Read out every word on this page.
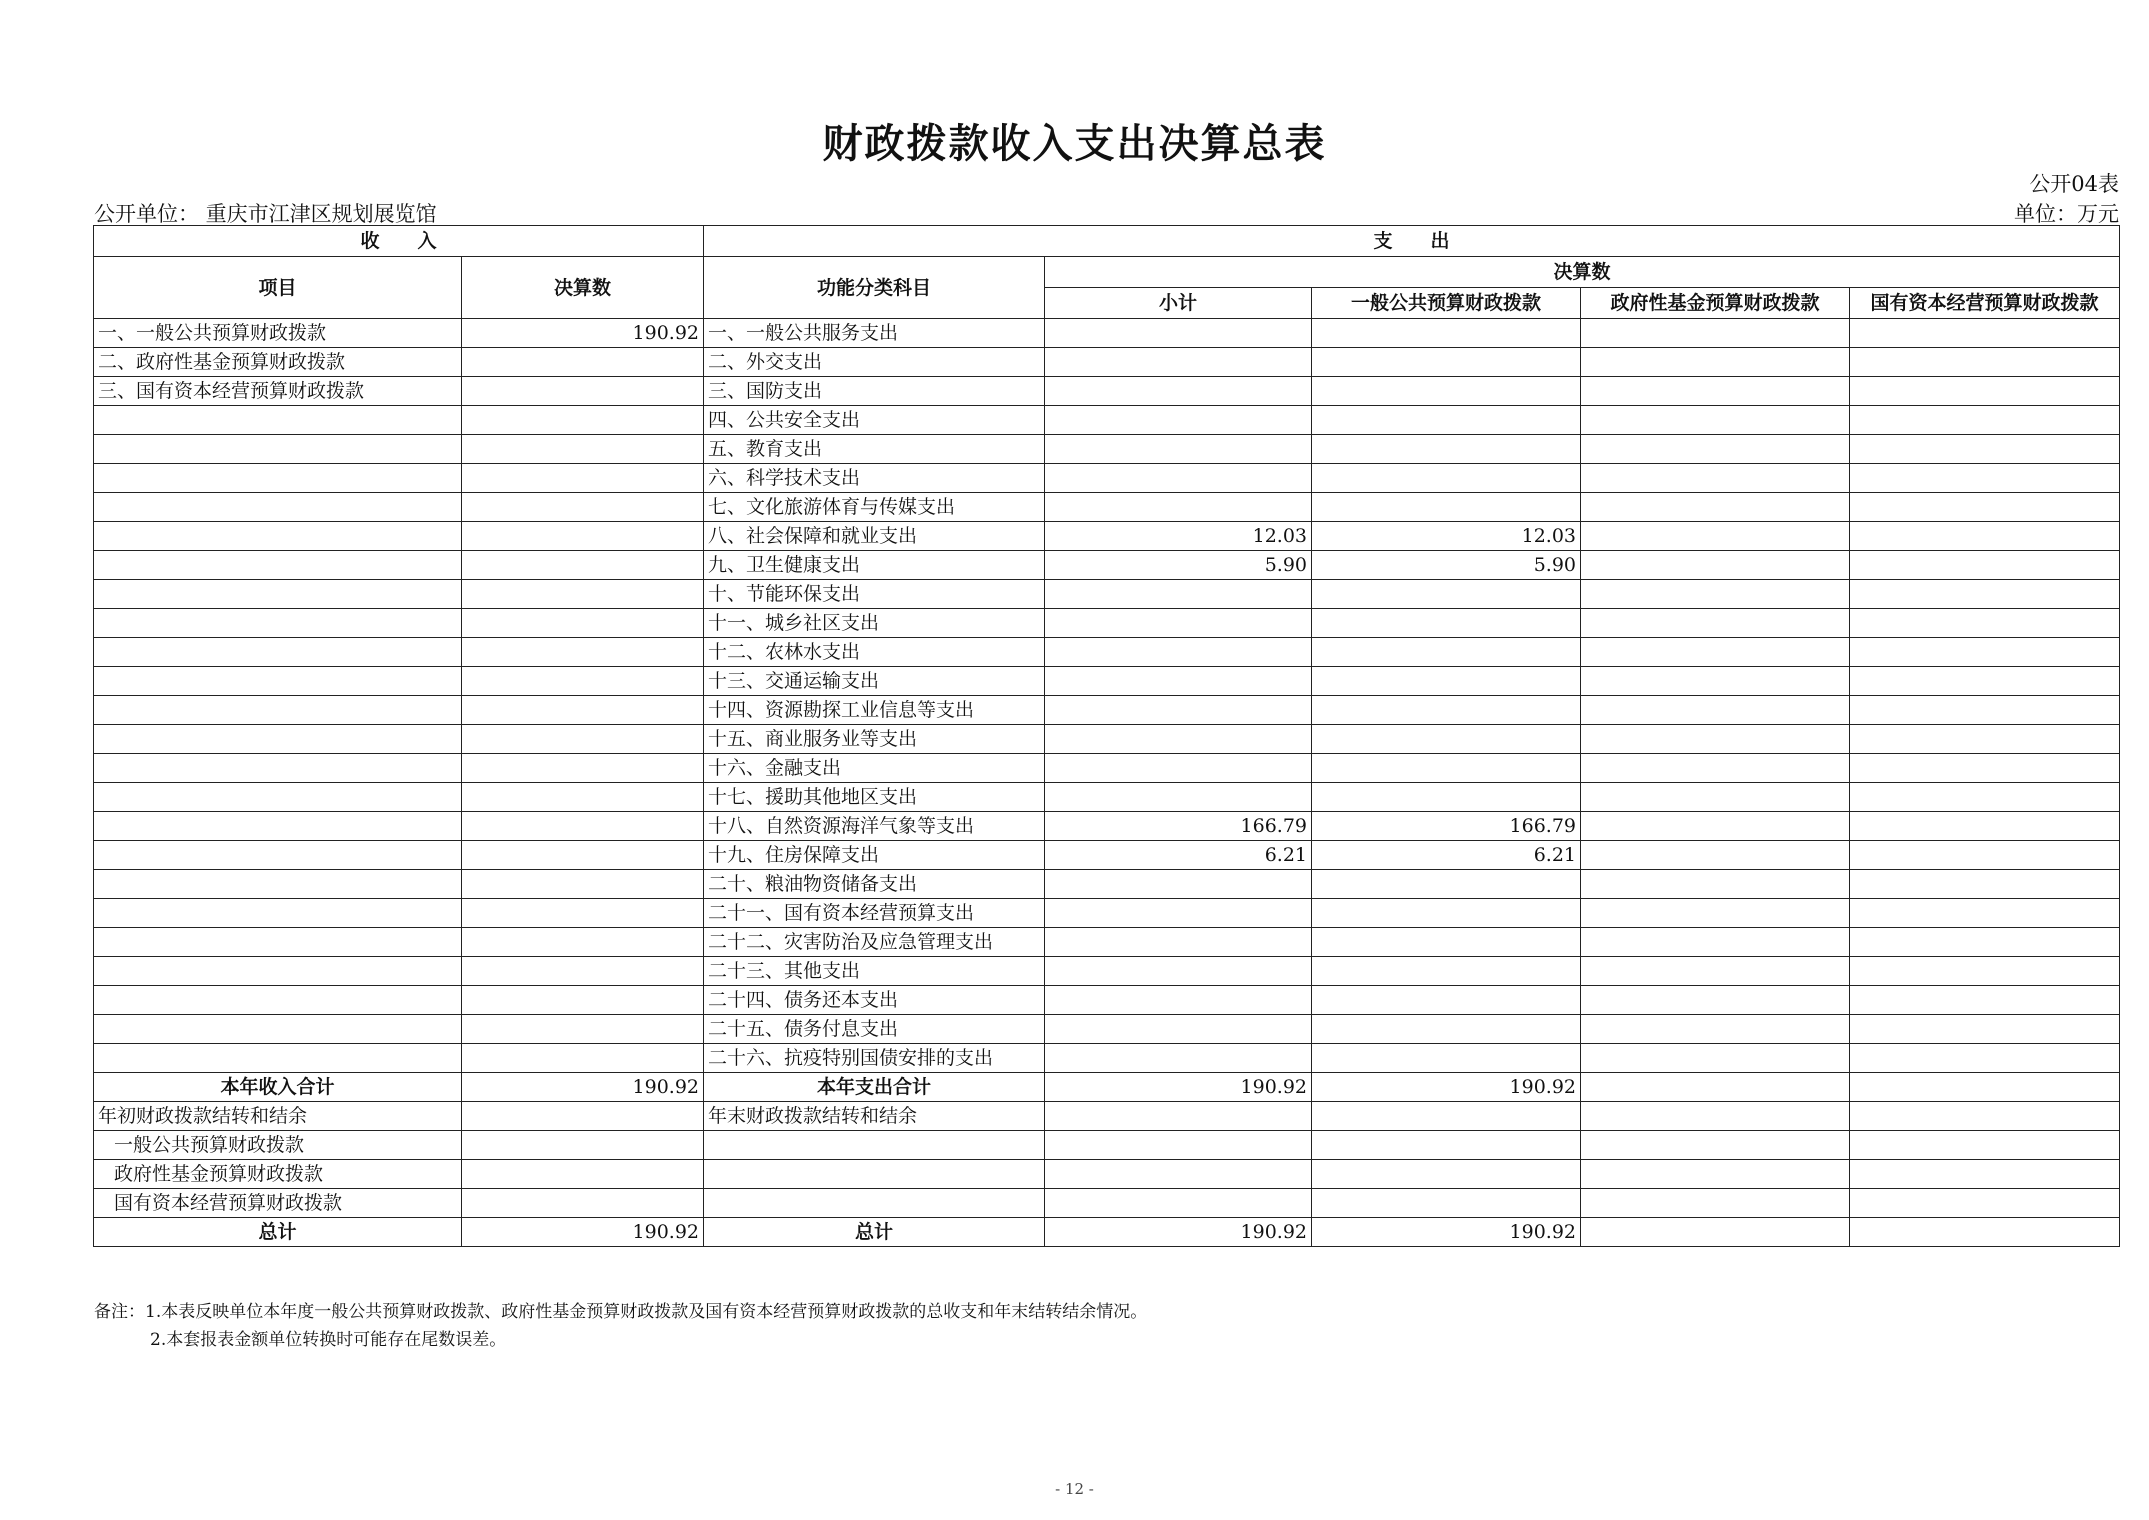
财政拨款收入支出决算总表
公开04表
公开单位： 重庆市江津区规划展览馆	单位：万元
收　　入		支　　出				
项目	决算数	功能分类科目	决算数			
			小计	一般公共预算财政拨款	政府性基金预算财政拨款	国有资本经营预算财政拨款
一、一般公共预算财政拨款	190.92	一、一般公共服务支出				
二、政府性基金预算财政拨款		二、外交支出				
三、国有资本经营预算财政拨款		三、国防支出				
		四、公共安全支出				
		五、教育支出				
		六、科学技术支出				
		七、文化旅游体育与传媒支出				
		八、社会保障和就业支出	12.03	12.03		
		九、卫生健康支出	5.90	5.90		
		十、节能环保支出				
		十一、城乡社区支出				
		十二、农林水支出				
		十三、交通运输支出				
		十四、资源勘探工业信息等支出				
		十五、商业服务业等支出				
		十六、金融支出				
		十七、援助其他地区支出				
		十八、自然资源海洋气象等支出	166.79	166.79		
		十九、住房保障支出	6.21	6.21		
		二十、粮油物资储备支出				
		二十一、国有资本经营预算支出				
		二十二、灾害防治及应急管理支出				
		二十三、其他支出				
		二十四、债务还本支出				
		二十五、债务付息支出				
		二十六、抗疫特别国债安排的支出				
本年收入合计	190.92	本年支出合计	190.92	190.92		
年初财政拨款结转和结余		年末财政拨款结转和结余				
一般公共预算财政拨款						
政府性基金预算财政拨款						
国有资本经营预算财政拨款						
总计	190.92	总计	190.92	190.92		
备注：1.本表反映单位本年度一般公共预算财政拨款、政府性基金预算财政拨款及国有资本经营预算财政拨款的总收支和年末结转结余情况。
2.本套报表金额单位转换时可能存在尾数误差。
- 12 -
